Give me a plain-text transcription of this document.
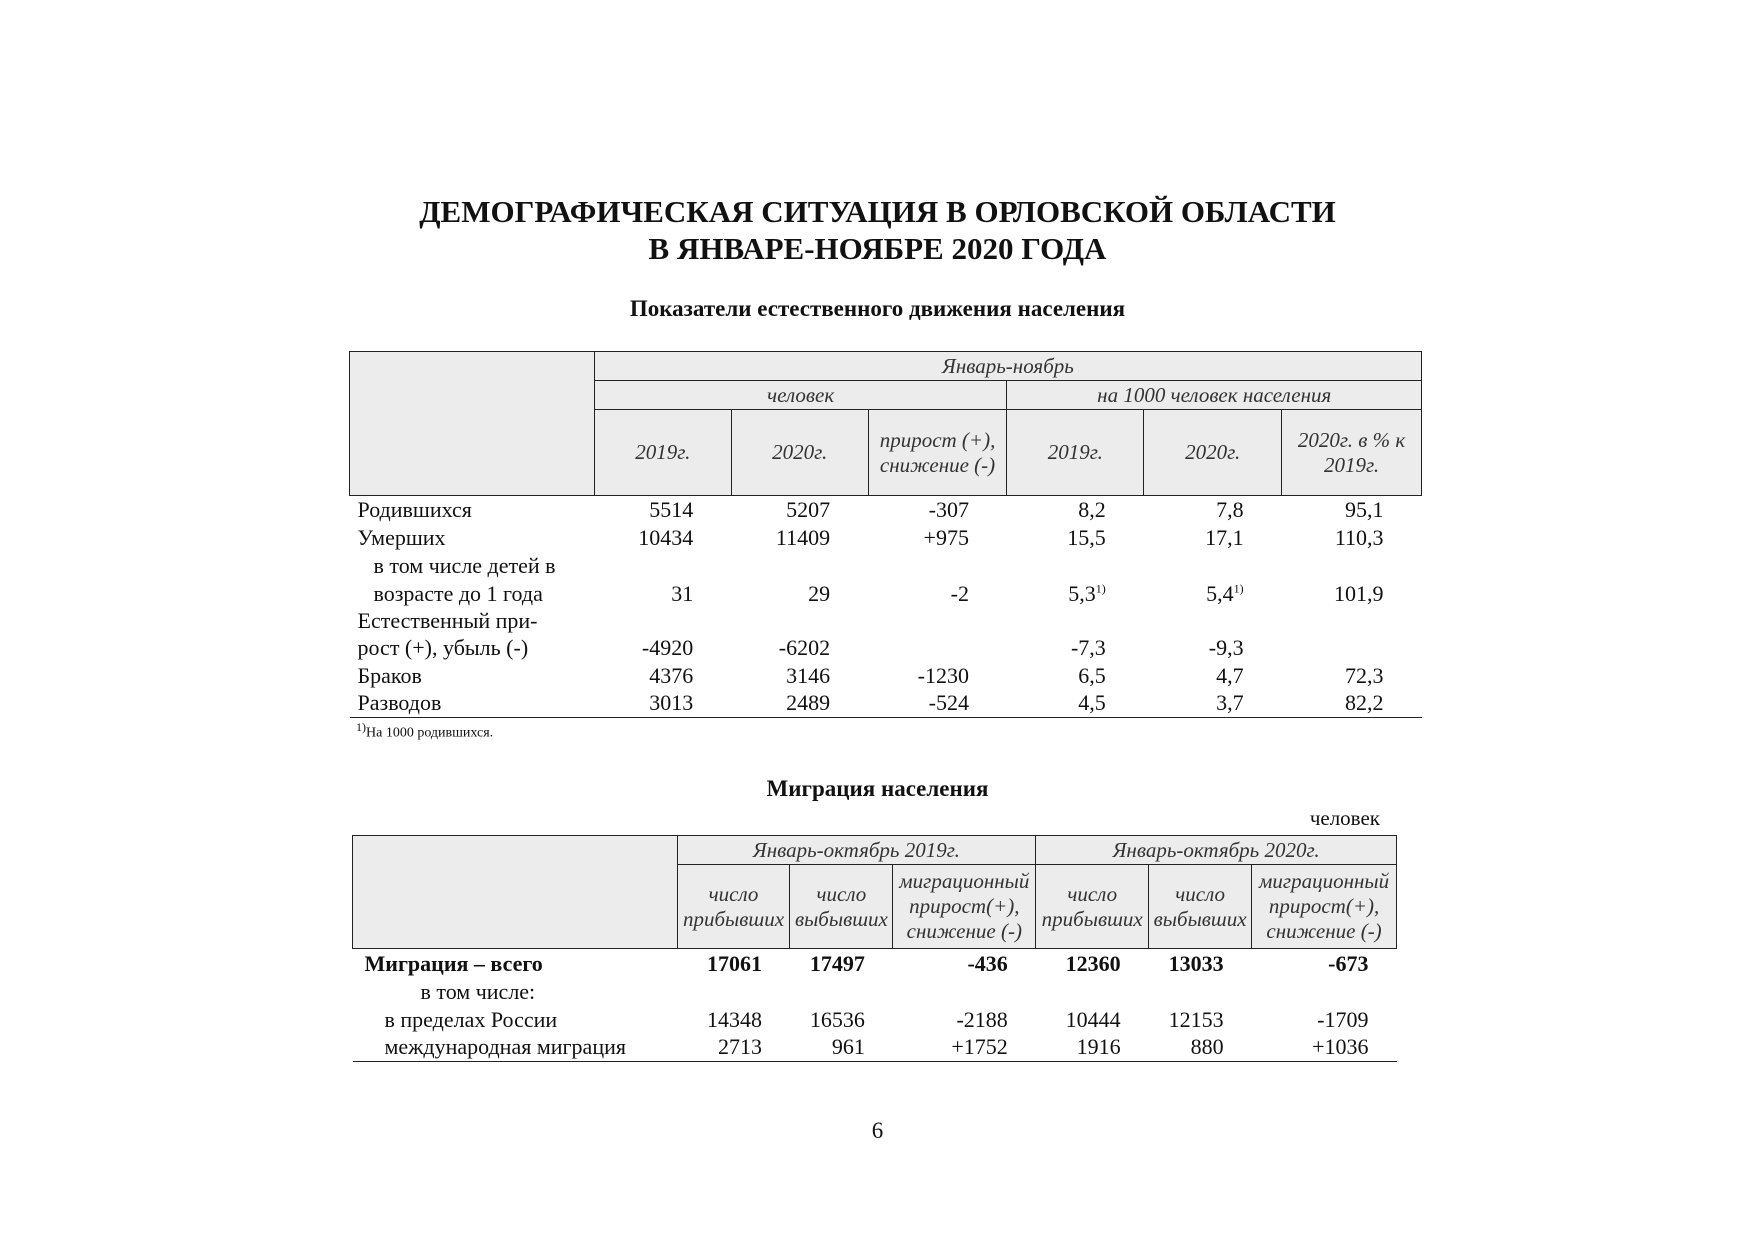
ДЕМОГРАФИЧЕСКАЯ СИТУАЦИЯ В ОРЛОВСКОЙ ОБЛАСТИ
В ЯНВАРЕ-НОЯБРЕ 2020 ГОДА
Показатели естественного движения населения
	Январь-ноябрь					
	человек			на 1000 человек населения		
	2019г.	2020г.	прирост (+), снижение (-)	2019г.	2020г.	2020г. в % к 2019г.
Родившихся	5514	5207	-307	8,2	7,8	95,1
Умерших	10434	11409	+975	15,5	17,1	110,3
в том числе детей в						
возрасте до 1 года	31	29	-2	5,3$^{1)}$	5,4$^{1)}$	101,9
Естественный при-						
рост (+), убыль (-)	-4920	-6202		-7,3	-9,3	
Браков	4376	3146	-1230	6,5	4,7	72,3
Разводов	3013	2489	-524	4,5	3,7	82,2
$^{1)}$На 1000 родившихся.
Миграция населения
человек
	Январь-октябрь 2019г.			Январь-октябрь 2020г.		
	число прибывших	число выбывших	миграционный прирост(+), снижение (-)	число прибывших	число выбывших	миграционный прирост(+), снижение (-)
Миграция – всего	17061	17497	-436	12360	13033	-673
в том числе:						
в пределах России	14348	16536	-2188	10444	12153	-1709
международная миграция	2713	961	+1752	1916	880	+1036
6
